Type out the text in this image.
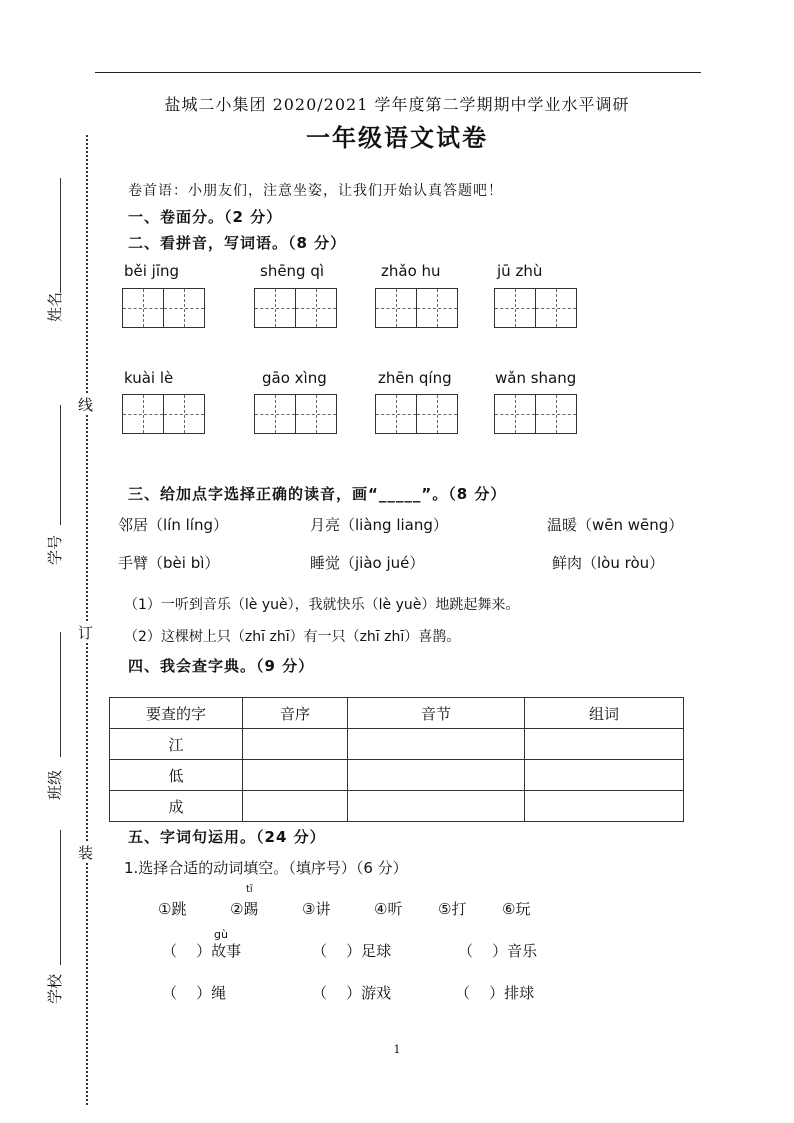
盐城二小集团 2020/2021 学年度第二学期期中学业水平调研
一年级语文试卷
卷首语：小朋友们，注意坐姿，让我们开始认真答题吧！
一、卷面分。（2 分）
二、看拼音，写词语。（8 分）
běi jīng	shēng qì	zhǎo hu	jū zhù
kuài lè	gāo xìng	zhēn qíng	wǎn shang
三、给加点字选择正确的读音，画“_____”。（8 分）
邻居（lín líng）	月亮（liàng liang）	温暖（wēn wēng）
手臂（bèi bì）	睡觉（jiào jué）	鲜肉（lòu ròu）
（1）一听到音乐（lè yuè），我就快乐（lè yuè）地跳起舞来。
（2）这棵树上只（zhī zhī）有一只（zhī zhī）喜鹊。
四、我会查字典。（9 分）
要查的字	音序	音节	组词
江			
低			
成			
五、字词句运用。（24 分）
1.选择合适的动词填空。（填序号）（6 分）
tī
①跳	②踢	③讲	④听 ⑤打 ⑥玩
gù
（    ）故事	（    ）足球	（    ）音乐
（    ）绳	（    ）游戏	（    ）排球
1
姓名
学号
班级
学校
线
订
装
